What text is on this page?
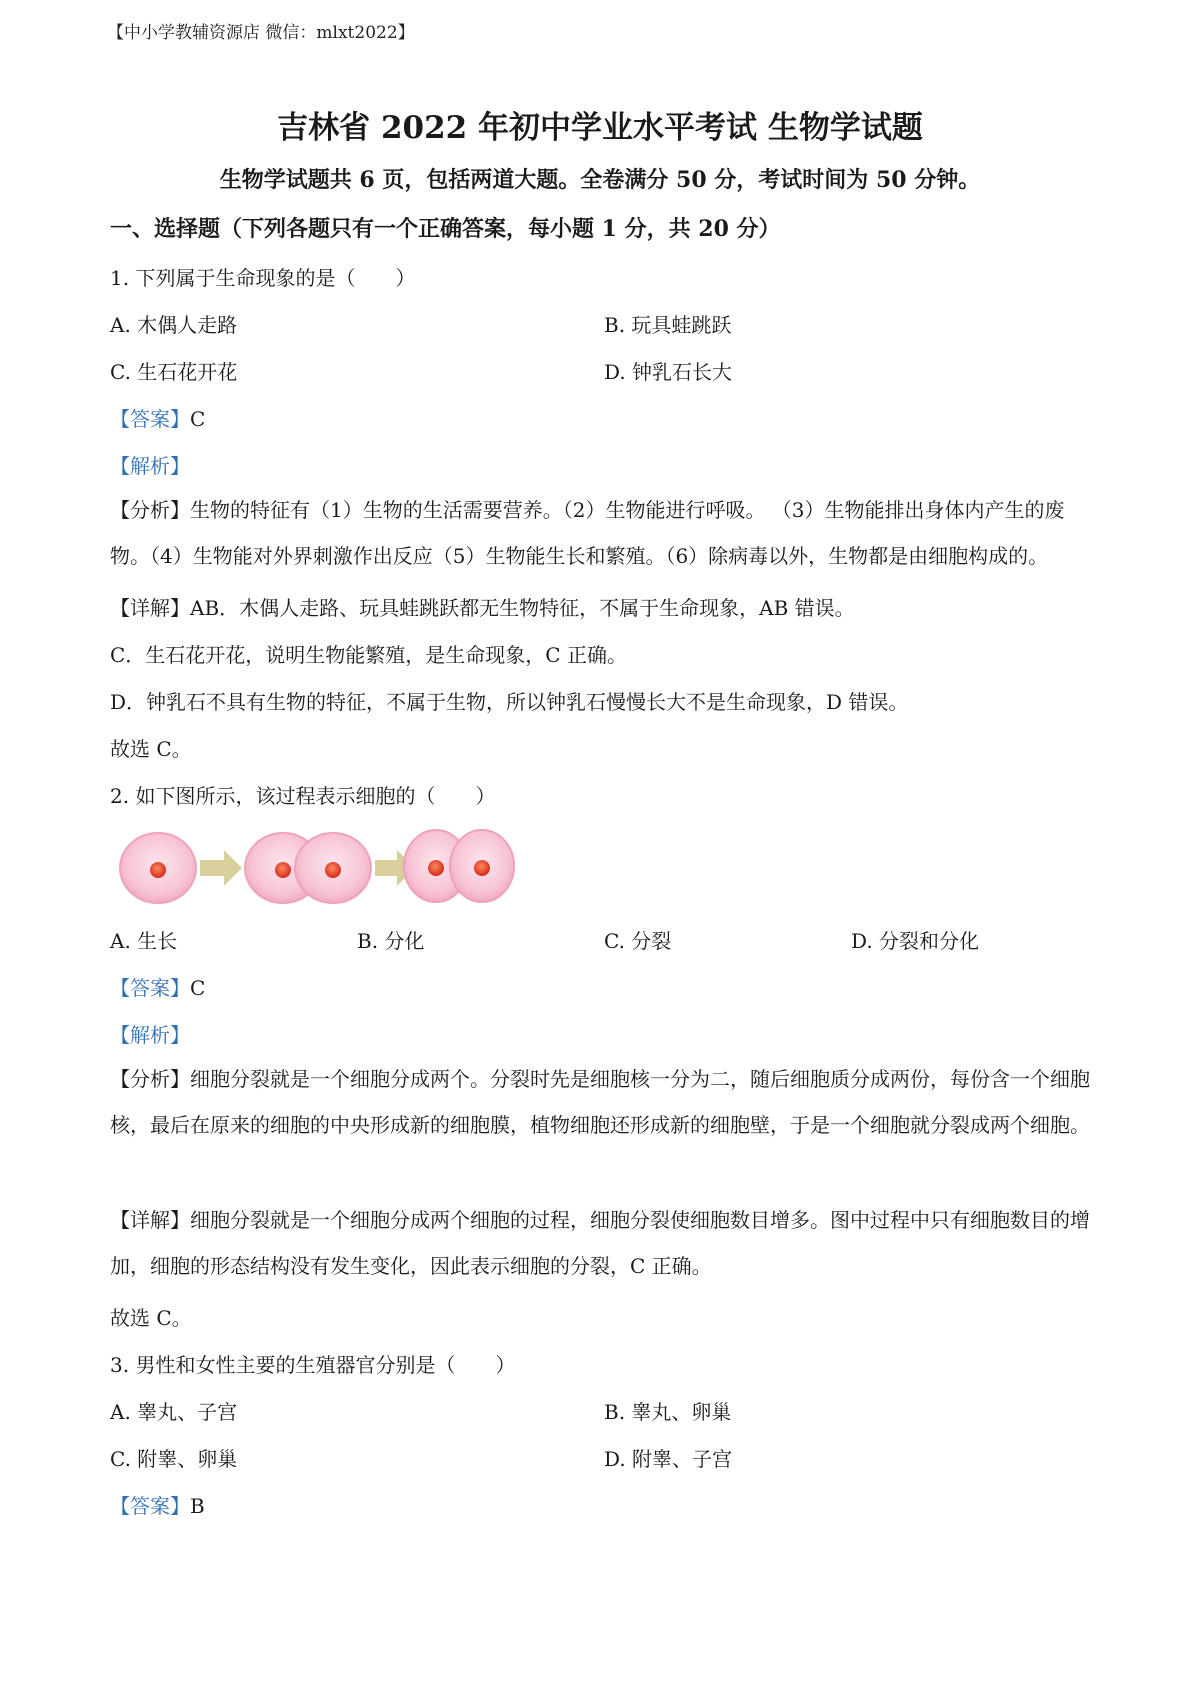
【中小学教辅资源店 微信：mlxt2022】
吉林省 2022 年初中学业水平考试 生物学试题
生物学试题共 6 页，包括两道大题。全卷满分 50 分，考试时间为 50 分钟。
一、选择题（下列各题只有一个正确答案，每小题 1 分，共 20 分）
1. 下列属于生命现象的是（　　）
A. 木偶人走路	B. 玩具蛙跳跃
C. 生石花开花	D. 钟乳石长大
【答案】C
【解析】
【分析】生物的特征有（1）生物的生活需要营养。（2）生物能进行呼吸。 （3）生物能排出身体内产生的废物。（4）生物能对外界刺激作出反应（5）生物能生长和繁殖。（6）除病毒以外，生物都是由细胞构成的。
【详解】AB．木偶人走路、玩具蛙跳跃都无生物特征，不属于生命现象，AB 错误。
C．生石花开花，说明生物能繁殖，是生命现象，C 正确。
D．钟乳石不具有生物的特征，不属于生物，所以钟乳石慢慢长大不是生命现象，D 错误。
故选 C。
2. 如下图所示，该过程表示细胞的（　　）
A. 生长	B. 分化	C. 分裂	D. 分裂和分化
【答案】C
【解析】
【分析】细胞分裂就是一个细胞分成两个。分裂时先是细胞核一分为二，随后细胞质分成两份，每份含一个细胞核，最后在原来的细胞的中央形成新的细胞膜，植物细胞还形成新的细胞壁，于是一个细胞就分裂成两个细胞。
【详解】细胞分裂就是一个细胞分成两个细胞的过程，细胞分裂使细胞数目增多。图中过程中只有细胞数目的增加，细胞的形态结构没有发生变化，因此表示细胞的分裂，C 正确。
故选 C。
3. 男性和女性主要的生殖器官分别是（　　）
A. 睾丸、子宫	B. 睾丸、卵巢
C. 附睾、卵巢	D. 附睾、子宫
【答案】B
